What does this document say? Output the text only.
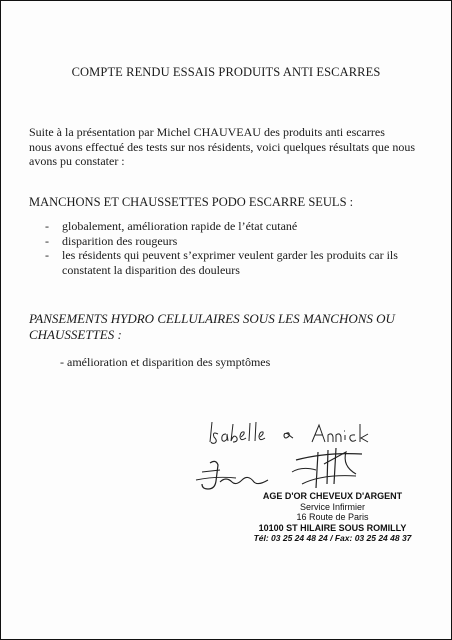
COMPTE RENDU ESSAIS PRODUITS ANTI ESCARRES
Suite à la présentation par Michel CHAUVEAU des produits anti escarres
nous avons effectué des tests sur nos résidents, voici quelques résultats que nous
avons pu constater :
MANCHONS ET CHAUSSETTES PODO ESCARRE SEULS :
- globalement, amélioration rapide de l’état cutané
- disparition des rougeurs
- les résidents qui peuvent s’exprimer veulent garder les produits car ils constatent la disparition des douleurs
PANSEMENTS HYDRO CELLULAIRES SOUS LES MANCHONS OU
CHAUSSETTES :
- amélioration et disparition des symptômes
AGE D'OR CHEVEUX D'ARGENT
Service Infirmier
16 Route de Paris
10100 ST HILAIRE SOUS ROMILLY
Tél: 03 25 24 48 24 / Fax: 03 25 24 48 37
